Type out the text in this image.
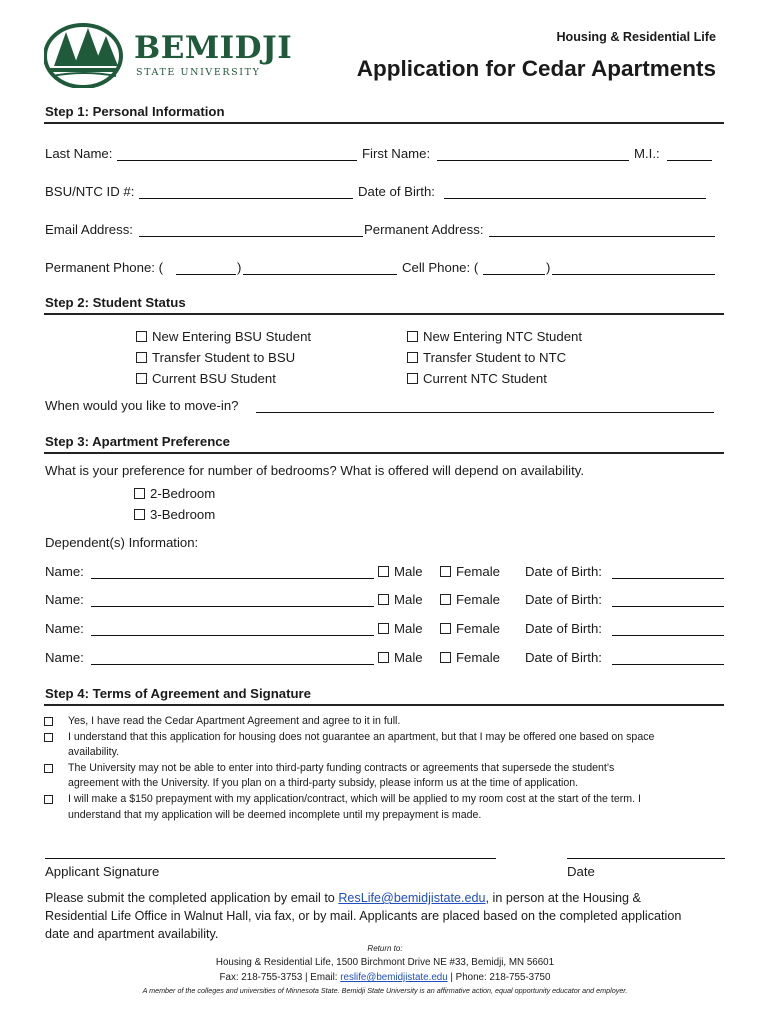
BEMIDJI
STATE UNIVERSITY
Housing & Residential Life
Application for Cedar Apartments
Step 1: Personal Information
Last Name:	First Name:	M.I.:
BSU/NTC ID #:	Date of Birth:
Email Address:	Permanent Address:
Permanent Phone: (	)	Cell Phone: (	)
Step 2: Student Status
New Entering BSU Student
Transfer Student to BSU
Current BSU Student
New Entering NTC Student
Transfer Student to NTC
Current NTC Student
When would you like to move-in?
Step 3: Apartment Preference
What is your preference for number of bedrooms? What is offered will depend on availability.
2-Bedroom
3-Bedroom
Dependent(s) Information:
Name:	Male	Female Date of Birth:
Name:	Male	Female Date of Birth:
Name:	Male	Female Date of Birth:
Name:	Male	Female Date of Birth:
Step 4: Terms of Agreement and Signature
Yes, I have read the Cedar Apartment Agreement and agree to it in full.
I understand that this application for housing does not guarantee an apartment, but that I may be offered one based on space
availability.
The University may not be able to enter into third-party funding contracts or agreements that supersede the student’s
agreement with the University. If you plan on a third-party subsidy, please inform us at the time of application.
I will make a $150 prepayment with my application/contract, which will be applied to my room cost at the start of the term. I
understand that my application will be deemed incomplete until my prepayment is made.
Applicant Signature	Date
Please submit the completed application by email to ResLife@bemidjistate.edu, in person at the Housing &
Residential Life Office in Walnut Hall, via fax, or by mail. Applicants are placed based on the completed application
date and apartment availability.
Return to:
Housing & Residential Life, 1500 Birchmont Drive NE #33, Bemidji, MN 56601
Fax: 218-755-3753 | Email: reslife@bemidjistate.edu | Phone: 218-755-3750
A member of the colleges and universities of Minnesota State. Bemidji State University is an affirmative action, equal opportunity educator and employer.
